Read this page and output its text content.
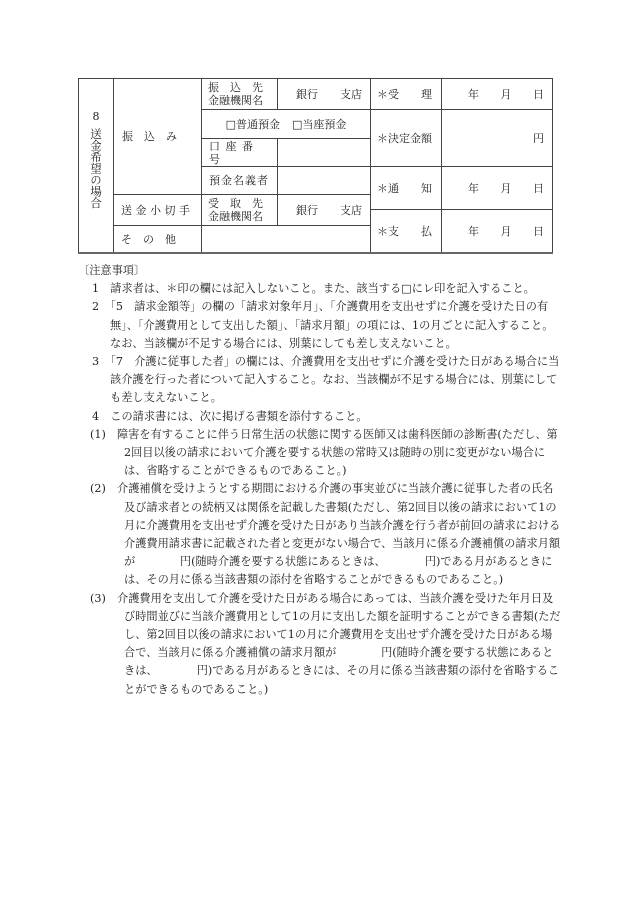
8
送金希望の場合 振　込　み
振　込　先
金融機関名	銀行 支店
□普通預金 □当座預金
口 座 番 号
預金名義者
送 金 小 切 手 受　取　先
金融機関名	銀行 支店
そ　の　他
＊受　　理
＊決定金額
＊通　　知
＊支　　払
年 月 日
円
年 月 日
年 月 日

〔注意事項〕

1　請求者は、＊印の欄には記入しないこと。また、該当する□にレ印を記入すること。

2　「5　請求金額等」の欄の「請求対象年月」、「介護費用を支出せずに介護を受けた日の有無」、「介護費用として支出した額」、「請求月額」の項には、1の月ごとに記入すること。なお、当該欄が不足する場合には、別葉にしても差し支えないこと。

3　「7　介護に従事した者」の欄には、介護費用を支出せずに介護を受けた日がある場合に当該介護を行った者について記入すること。なお、当該欄が不足する場合には、別葉にしても差し支えないこと。

4　この請求書には、次に掲げる書類を添付すること。

(1)　障害を有することに伴う日常生活の状態に関する医師又は歯科医師の診断書(ただし、第2回目以後の請求において介護を要する状態の常時又は随時の別に変更がない場合には、省略することができるものであること。)

(2)　介護補償を受けようとする期間における介護の事実並びに当該介護に従事した者の氏名及び請求者との続柄又は関係を記載した書類(ただし、第2回目以後の請求において1の月に介護費用を支出せず介護を受けた日があり当該介護を行う者が前回の請求における介護費用請求書に記載された者と変更がない場合で、当該月に係る介護補償の請求月額が　　　　円(随時介護を要する状態にあるときは、　　　　円)である月があるときには、その月に係る当該書類の添付を省略することができるものであること。)

(3)　介護費用を支出して介護を受けた日がある場合にあっては、当該介護を受けた年月日及び時間並びに当該介護費用として1の月に支出した額を証明することができる書類(ただし、第2回目以後の請求において1の月に介護費用を支出せず介護を受けた日がある場合で、当該月に係る介護補償の請求月額が　　　　円(随時介護を要する状態にあるときは、　　　　円)である月があるときには、その月に係る当該書類の添付を省略することができるものであること。)
